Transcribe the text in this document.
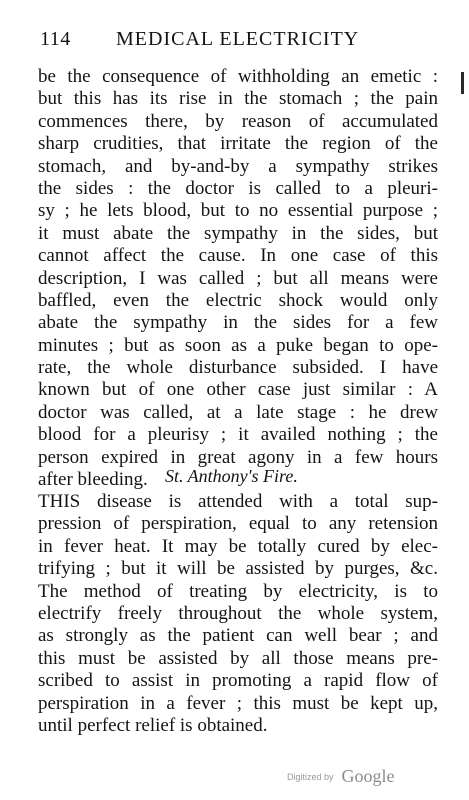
114 MEDICAL ELECTRICITY
be the consequence of withholding an emetic :
but this has its rise in the stomach ; the pain
commences there, by reason of accumulated
sharp crudities, that irritate the region of the
stomach, and by-and-by a sympathy strikes
the sides : the doctor is called to a pleuri-
sy ; he lets blood, but to no essential purpose ;
it must abate the sympathy in the sides, but
cannot affect the cause. In one case of this
description, I was called ; but all means were
baffled, even the electric shock would only
abate the sympathy in the sides for a few
minutes ; but as soon as a puke began to ope-
rate, the whole disturbance subsided. I have
known but of one other case just similar : A
doctor was called, at a late stage : he drew
blood for a pleurisy ; it availed nothing ; the
person expired in great agony in a few hours
after bleeding. St. Anthony's Fire.
THIS disease is attended with a total sup-
pression of perspiration, equal to any retension
in fever heat. It may be totally cured by elec-
trifying ; but it will be assisted by purges, &c.
The method of treating by electricity, is to
electrify freely throughout the whole system,
as strongly as the patient can well bear ; and
this must be assisted by all those means pre-
scribed to assist in promoting a rapid flow of
perspiration in a fever ; this must be kept up,
until perfect relief is obtained.
Digitized by Google
